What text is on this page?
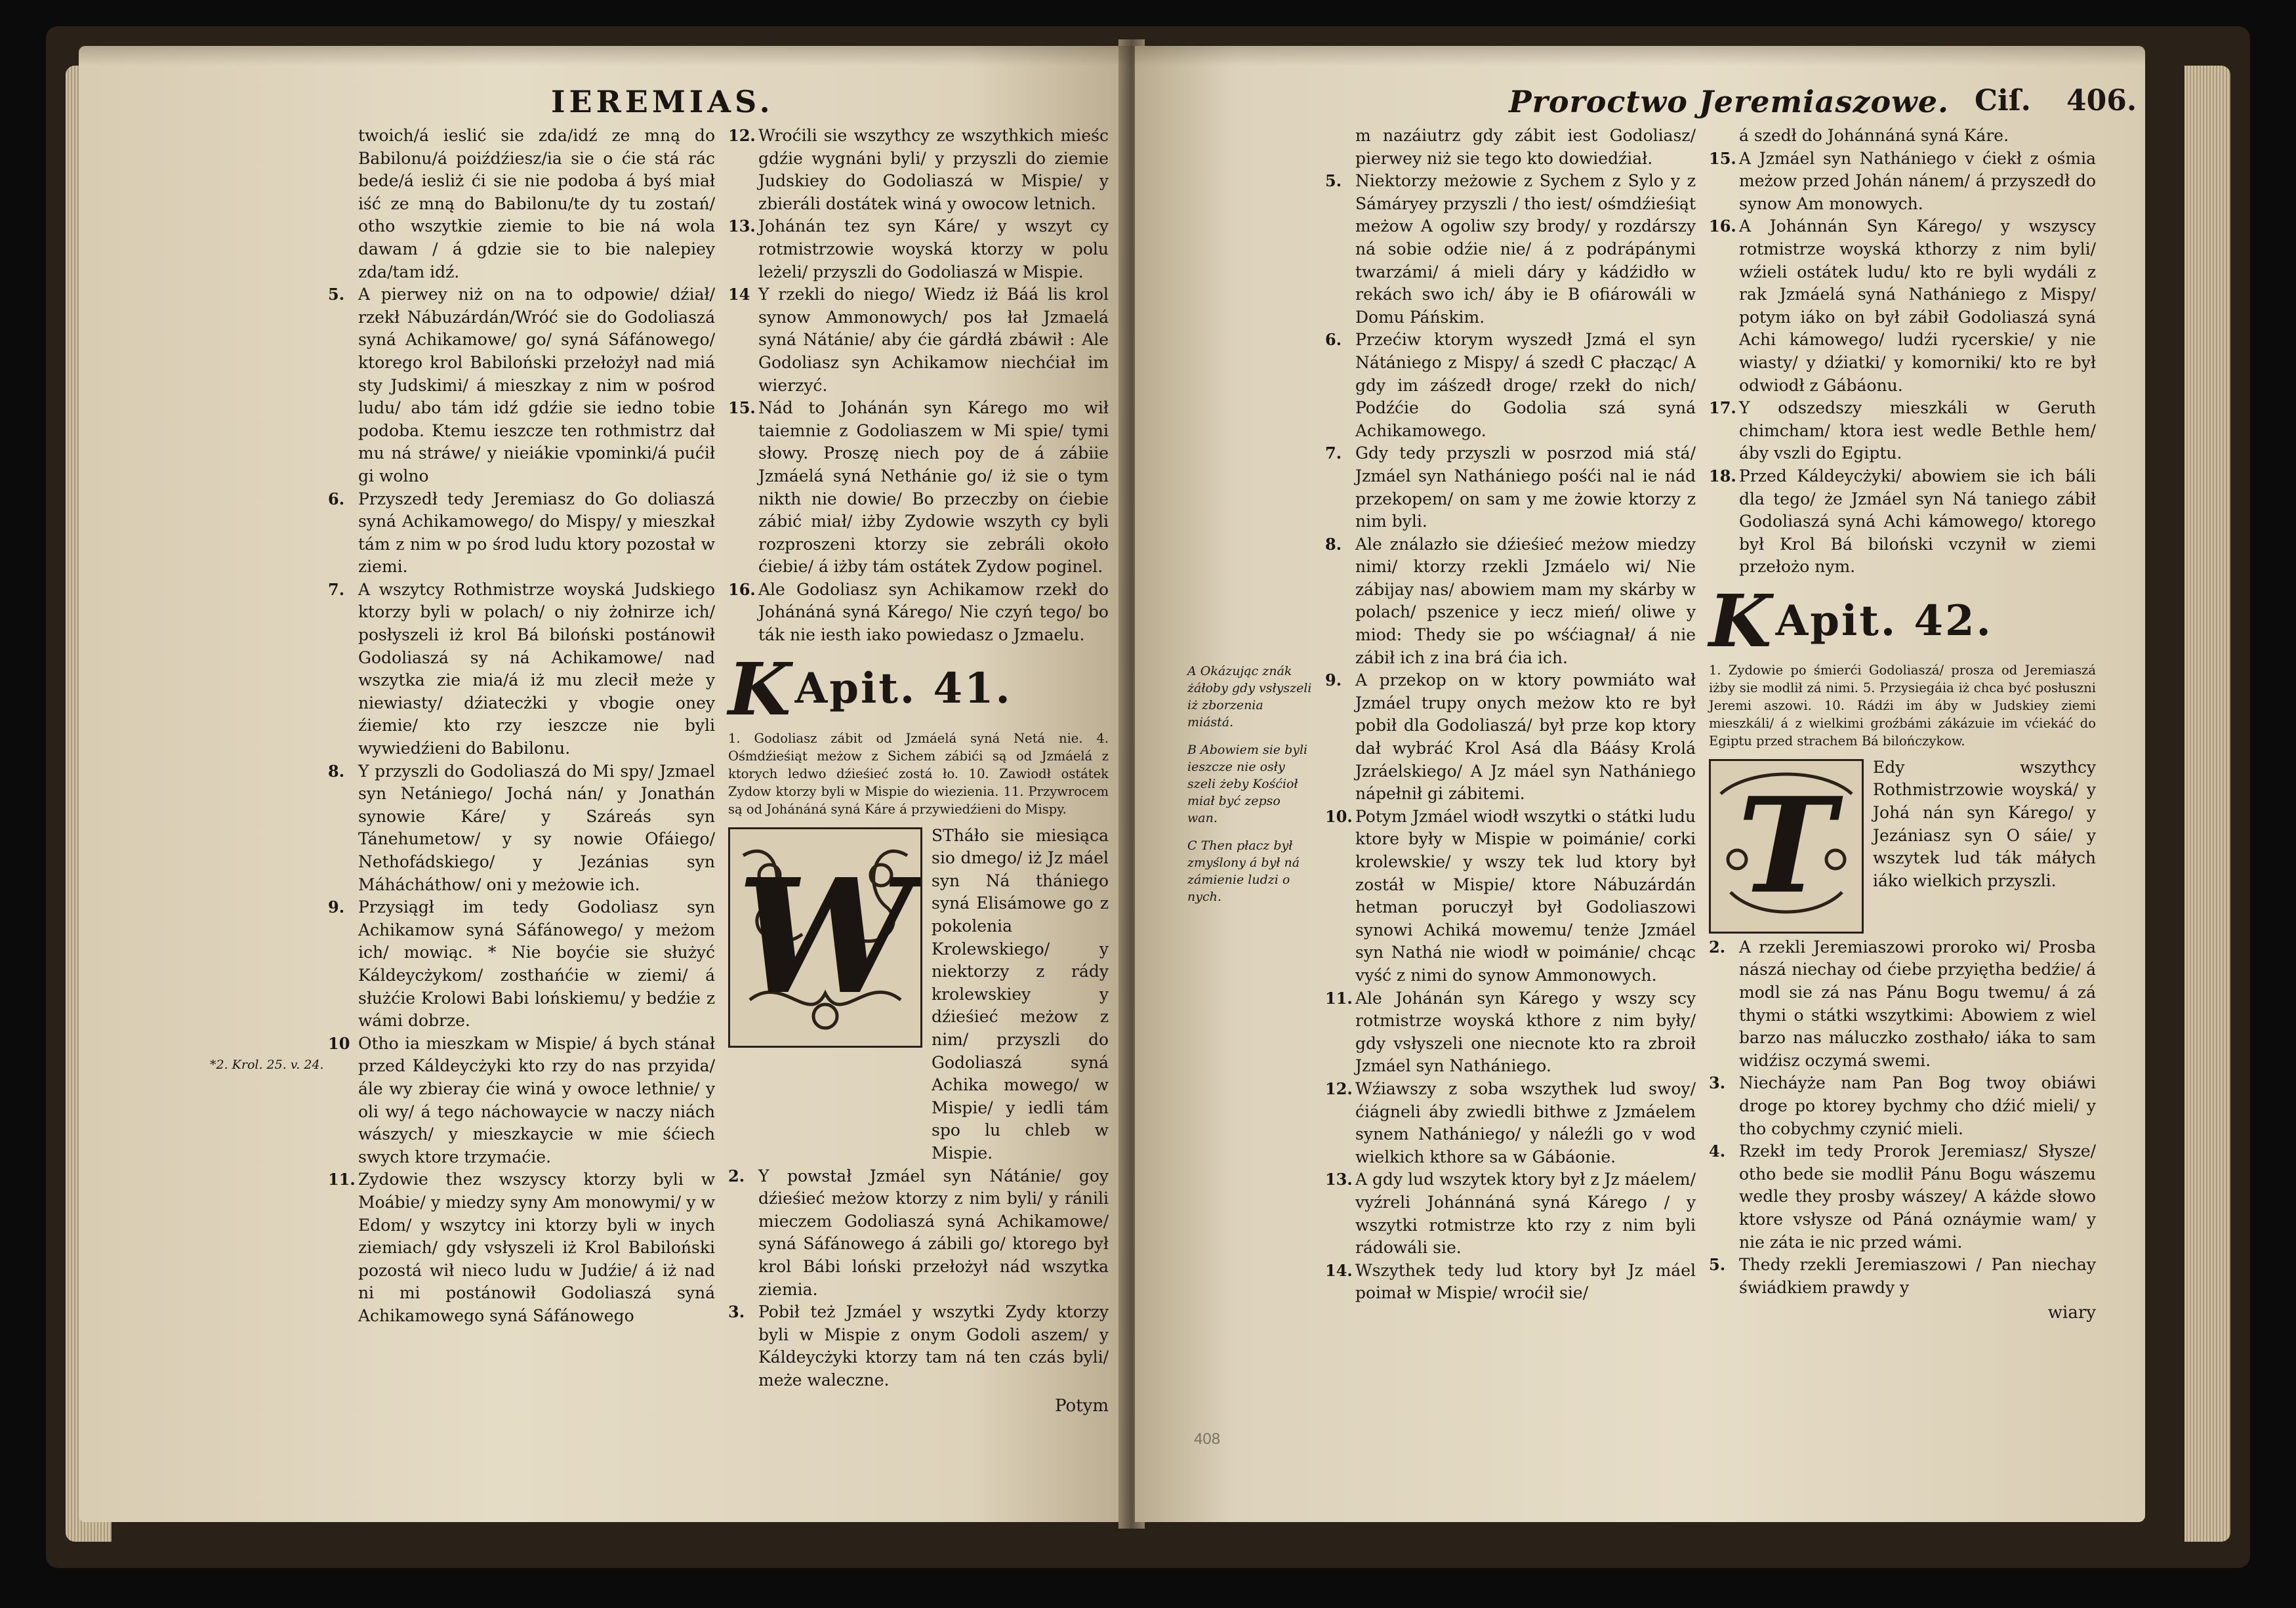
IEREMIAS.
twoich/á ieslić sie zda/idź ze mną do Babilonu/á poiźdźiesz/ia sie o ćie stá rác bede/á iesliż ći sie nie podoba á byś miał iść ze mną do Babilonu/te dy tu zostań/ otho wszytkie ziemie to bie ná wola dawam / á gdzie sie to bie nalepiey zda/tam idź.
5. A pierwey niż on na to odpowie/ dźiał/ rzekł Nábuzárdán/Wróć sie do Godoliaszá syná Achikamowe/ go/ syná Sáfánowego/ ktorego krol Babiloński przełożył nad miá sty Judskimi/ á mieszkay z nim w pośrod ludu/ abo tám idź gdźie sie iedno tobie podoba. Ktemu ieszcze ten rothmistrz dał mu ná stráwe/ y nieiákie vpominki/á pućił gi wolno
6. Przyszedł tedy Jeremiasz do Go doliaszá syná Achikamowego/ do Mispy/ y mieszkał tám z nim w po środ ludu ktory pozostał w ziemi.
7. A wszytcy Rothmistrze woyská Judskiego ktorzy byli w polach/ o niy żołnirze ich/ posłyszeli iż krol Bá biloński postánowił Godoliaszá sy ná Achikamowe/ nad wszytka zie mia/á iż mu zlecił meże y niewiasty/ dźiatecżki y vbogie oney źiemie/ kto rzy ieszcze nie byli wywiedźieni do Babilonu.
8. Y przyszli do Godoliaszá do Mi spy/ Jzmael syn Netániego/ Jochá nán/ y Jonathán synowie Káre/ y Száreás syn Tánehumetow/ y sy nowie Ofáiego/ Nethofádskiego/ y Jezánias syn Máhácháthow/ oni y meżowie ich.
9. Przysiągł im tedy Godoliasz syn Achikamow syná Sáfánowego/ y meżom ich/ mowiąc. * Nie boyćie sie służyć Káldeycżykom/ zosthańćie w ziemi/ á służćie Krolowi Babi lońskiemu/ y bedźie z wámi dobrze.
10 Otho ia mieszkam w Mispie/ á bych stánał przed Káldeycżyki kto rzy do nas przyida/ ále wy zbieray ćie winá y owoce lethnie/ y oli wy/ á tego náchowaycie w naczy niách wászych/ y mieszkaycie w mie śćiech swych ktore trzymaćie.
11. Zydowie thez wszyscy ktorzy byli w Moábie/ y miedzy syny Am monowymi/ y w Edom/ y wszytcy ini ktorzy byli w inych ziemiach/ gdy vsłyszeli iż Krol Babiloński pozostá wił nieco ludu w Judźie/ á iż nad ni mi postánowił Godoliaszá syná Achikamowego syná Sáfánowego

*2. Krol. 25. v. 24.

12. Wroćili sie wszythcy ze wszythkich mieśc gdźie wygnáni byli/ y przyszli do ziemie Judskiey do Godoliaszá w Mispie/ y zbieráli dostátek winá y owocow letnich.
13. Johánán tez syn Káre/ y wszyt cy rotmistrzowie woyská ktorzy w polu leżeli/ przyszli do Godoliaszá w Mispie.
14 Y rzekli do niego/ Wiedz iż Báá lis krol synow Ammonowych/ pos łał Jzmaelá syná Nátánie/ aby ćie gárdłá zbáwił : Ale Godoliasz syn Achikamow niechćiał im wierzyć.
15. Nád to Johánán syn Kárego mo wił taiemnie z Godoliaszem w Mi spie/ tymi słowy. Proszę niech poy de á zábiie Jzmáelá syná Nethánie go/ iż sie o tym nikth nie dowie/ Bo przeczby on ćiebie zábić miał/ iżby Zydowie wszyth cy byli rozproszeni ktorzy sie zebráli około ćiebie/ á iżby tám ostátek Zydow poginel.
16. Ale Godoliasz syn Achikamow rzekł do Johánáná syná Kárego/ Nie czyń tego/ bo ták nie iesth iako powiedasz o Jzmaelu.
K Apit. 41.
1. Godoliasz zábit od Jzmáelá syná Netá nie. 4. Ośmdźieśiąt meżow z Sichem zábići są od Jzmáelá z ktorych ledwo dźieśieć zostá ło. 10. Zawiodł ostátek Zydow ktorzy byli w Mispie do wiezienia. 11. Przywrocem są od Johánáná syná Káre á przywiedźieni do Mispy.
W
STháło sie miesiąca sio dmego/ iż Jz máel syn Ná thániego syná Elisámowe go z pokolenia Krolewskiego/ y niektorzy z rády krolewskiey y dźieśieć meżow z nim/ przyszli do Godoliaszá syná Achika mowego/ w Mispie/ y iedli tám spo lu chleb w Mispie.
2. Y powstał Jzmáel syn Nátánie/ goy dźieśieć meżow ktorzy z nim byli/ y ránili mieczem Godoliaszá syná Achikamowe/ syná Sáfánowego á zábili go/ ktorego był krol Bábi loński przełożył nád wszytka ziemia.
3. Pobił też Jzmáel y wszytki Zydy ktorzy byli w Mispie z onym Godoli aszem/ y Káldeycżyki ktorzy tam ná ten czás byli/ meże waleczne.
Potym
Proroctwo Jeremiaszowe. Ciſ. 406.

A Okázując znák żáłoby gdy vsłyszeli iż zborzenia miástá.

B Abowiem sie byli ieszcze nie osły szeli żeby Kośćioł miał być zepso wan.

C Then płacz był zmyślony á był ná zámienie ludzi o nych.

m nazáiutrz gdy zábit iest Godoliasz/ pierwey niż sie tego kto dowiedźiał.
5. Niektorzy meżowie z Sychem z Sylo y z Sámáryey przyszli / tho iest/ ośmdźieśiąt meżow A ogoliw szy brody/ y rozdárszy ná sobie odźie nie/ á z podrápánymi twarzámi/ á mieli dáry y kádźidło w rekách swo ich/ áby ie B ofiárowáli w Domu Páńskim.
6. Przećiw ktorym wyszedł Jzmá el syn Nátániego z Mispy/ á szedł C płacząc/ A gdy im záśzedł droge/ rzekł do nich/ Podźćie do Godolia szá syná Achikamowego.
7. Gdy tedy przyszli w posrzod miá stá/ Jzmáel syn Nathániego pośći nal ie nád przekopem/ on sam y me żowie ktorzy z nim byli.
8. Ale ználazło sie dźieśieć meżow miedzy nimi/ ktorzy rzekli Jzmáelo wi/ Nie zábijay nas/ abowiem mam my skárby w polach/ pszenice y iecz mień/ oliwe y miod: Thedy sie po wśćiagnał/ á nie zábił ich z ina brá ćia ich.
9. A przekop on w ktory powmiáto wał Jzmáel trupy onych meżow kto re był pobił dla Godoliaszá/ był prze kop ktory dał wybráć Krol Asá dla Báásy Krolá Jzráelskiego/ A Jz máel syn Nathániego nápełnił gi zábitemi.
10. Potym Jzmáel wiodł wszytki o státki ludu ktore były w Mispie w poimánie/ corki krolewskie/ y wszy tek lud ktory był zostáł w Mispie/ ktore Nábuzárdán hetman poruczył był Godoliaszowi synowi Achiká mowemu/ tenże Jzmáel syn Nathá nie wiodł w poimánie/ chcąc vyść z nimi do synow Ammonowych.
11. Ale Johánán syn Kárego y wszy scy rotmistrze woyská kthore z nim były/ gdy vsłyszeli one niecnote kto ra zbroił Jzmáel syn Nathániego.
12. Wźiawszy z soba wszythek lud swoy/ ćiágneli áby zwiedli bithwe z Jzmáelem synem Nathániego/ y náleźli go v wod wielkich kthore sa w Gábáonie.
13. A gdy lud wszytek ktory był z Jz máelem/ vyźreli Johánnáná syná Kárego / y wszytki rotmistrze kto rzy z nim byli rádowáli sie.
14. Wszythek tedy lud ktory był Jz máel poimał w Mispie/ wroćił sie/
á szedł do Johánnáná syná Káre.
15. A Jzmáel syn Nathániego v ćiekł z ośmia meżow przed Johán nánem/ á przyszedł do synow Am monowych.
16. A Johánnán Syn Kárego/ y wszyscy rotmistrze woyská kthorzy z nim byli/ wźieli ostátek ludu/ kto re byli wydáli z rak Jzmáelá syná Nathániego z Mispy/ potym iáko on był zábił Godoliaszá syná Achi kámowego/ ludźi rycerskie/ y nie wiasty/ y dźiatki/ y komorniki/ kto re był odwiodł z Gábáonu.
17. Y odszedszy mieszkáli w Geruth chimcham/ ktora iest wedle Bethle hem/ áby vszli do Egiptu.
18. Przed Káldeycżyki/ abowiem sie ich báli dla tego/ że Jzmáel syn Ná taniego zábił Godoliaszá syná Achi kámowego/ ktorego był Krol Bá biloński vczynił w ziemi przełożo nym.
K Apit. 42.
1. Zydowie po śmierći Godoliaszá/ prosza od Jeremiaszá iżby sie modlił zá nimi. 5. Przysiegáia iż chca być posłuszni Jeremi aszowi. 10. Rádźi im áby w Judskiey ziemi mieszkáli/ á z wielkimi groźbámi zákázuie im vćiekáć do Egiptu przed strachem Bá bilończykow.
T
Edy wszythcy Rothmistrzowie woyská/ y Johá nán syn Kárego/ y Jezániasz syn O sáie/ y wszytek lud ták máłych iáko wielkich przyszli.
2. A rzekli Jeremiaszowi proroko wi/ Prosba nászá niechay od ćiebe przyiętha bedźie/ á modl sie zá nas Pánu Bogu twemu/ á zá thymi o státki wszytkimi: Abowiem z wiel barzo nas máluczko zosthało/ iáka to sam widźisz oczymá swemi.
3. Niecháyże nam Pan Bog twoy obiáwi droge po ktorey bychmy cho dźić mieli/ y tho cobychmy czynić mieli.
4. Rzekł im tedy Prorok Jeremiasz/ Słysze/ otho bede sie modlił Pánu Bogu wászemu wedle they prosby wászey/ A káżde słowo ktore vsłysze od Páná oznáymie wam/ y nie záta ie nic przed wámi.
5. Thedy rzekli Jeremiaszowi / Pan niechay świádkiem prawdy y
wiary
408
